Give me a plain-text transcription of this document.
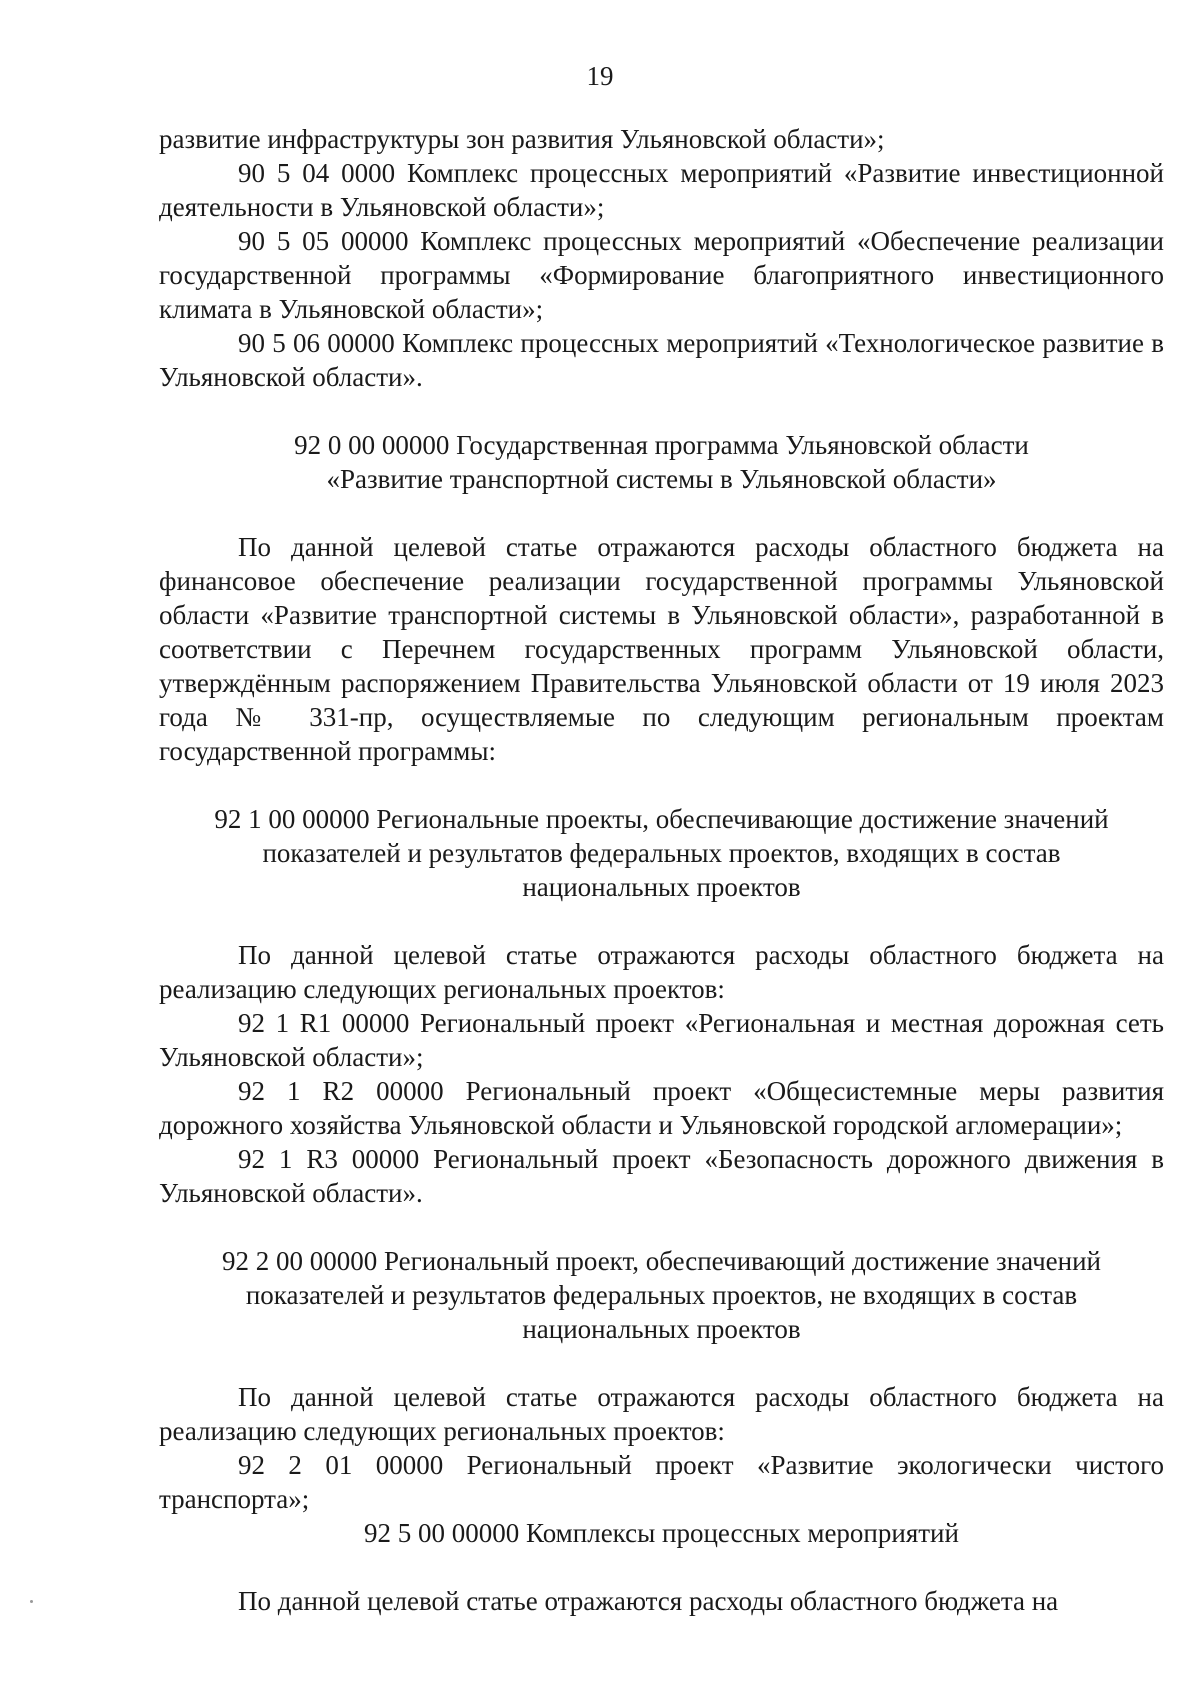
19

развитие инфраструктуры зон развития Ульяновской области»;

90 5 04 0000 Комплекс процессных мероприятий «Развитие инвестиционной деятельности в Ульяновской области»;

90 5 05 00000 Комплекс процессных мероприятий «Обеспечение реализации государственной программы «Формирование благоприятного инвестиционного климата в Ульяновской области»;

90 5 06 00000 Комплекс процессных мероприятий «Технологическое развитие в Ульяновской области».

92 0 00 00000 Государственная программа Ульяновской области

«Развитие транспортной системы в Ульяновской области»

По данной целевой статье отражаются расходы областного бюджета на финансовое обеспечение реализации государственной программы Ульяновской области «Развитие транспортной системы в Ульяновской области», разработанной в соответствии с Перечнем государственных программ Ульяновской области, утверждённым распоряжением Правительства Ульяновской области от 19 июля 2023 года № 331-пр, осуществляемые по следующим региональным проектам государственной программы:

92 1 00 00000 Региональные проекты, обеспечивающие достижение значений

показателей и результатов федеральных проектов, входящих в состав

национальных проектов

По данной целевой статье отражаются расходы областного бюджета на реализацию следующих региональных проектов:

92 1 R1 00000 Региональный проект «Региональная и местная дорожная сеть Ульяновской области»;

92 1 R2 00000 Региональный проект «Общесистемные меры развития дорожного хозяйства Ульяновской области и Ульяновской городской агломерации»;

92 1 R3 00000 Региональный проект «Безопасность дорожного движения в Ульяновской области».

92 2 00 00000 Региональный проект, обеспечивающий достижение значений

показателей и результатов федеральных проектов, не входящих в состав

национальных проектов

По данной целевой статье отражаются расходы областного бюджета на реализацию следующих региональных проектов:

92 2 01 00000 Региональный проект «Развитие экологически чистого транспорта»;

92 5 00 00000 Комплексы процессных мероприятий

По данной целевой статье отражаются расходы областного бюджета на
